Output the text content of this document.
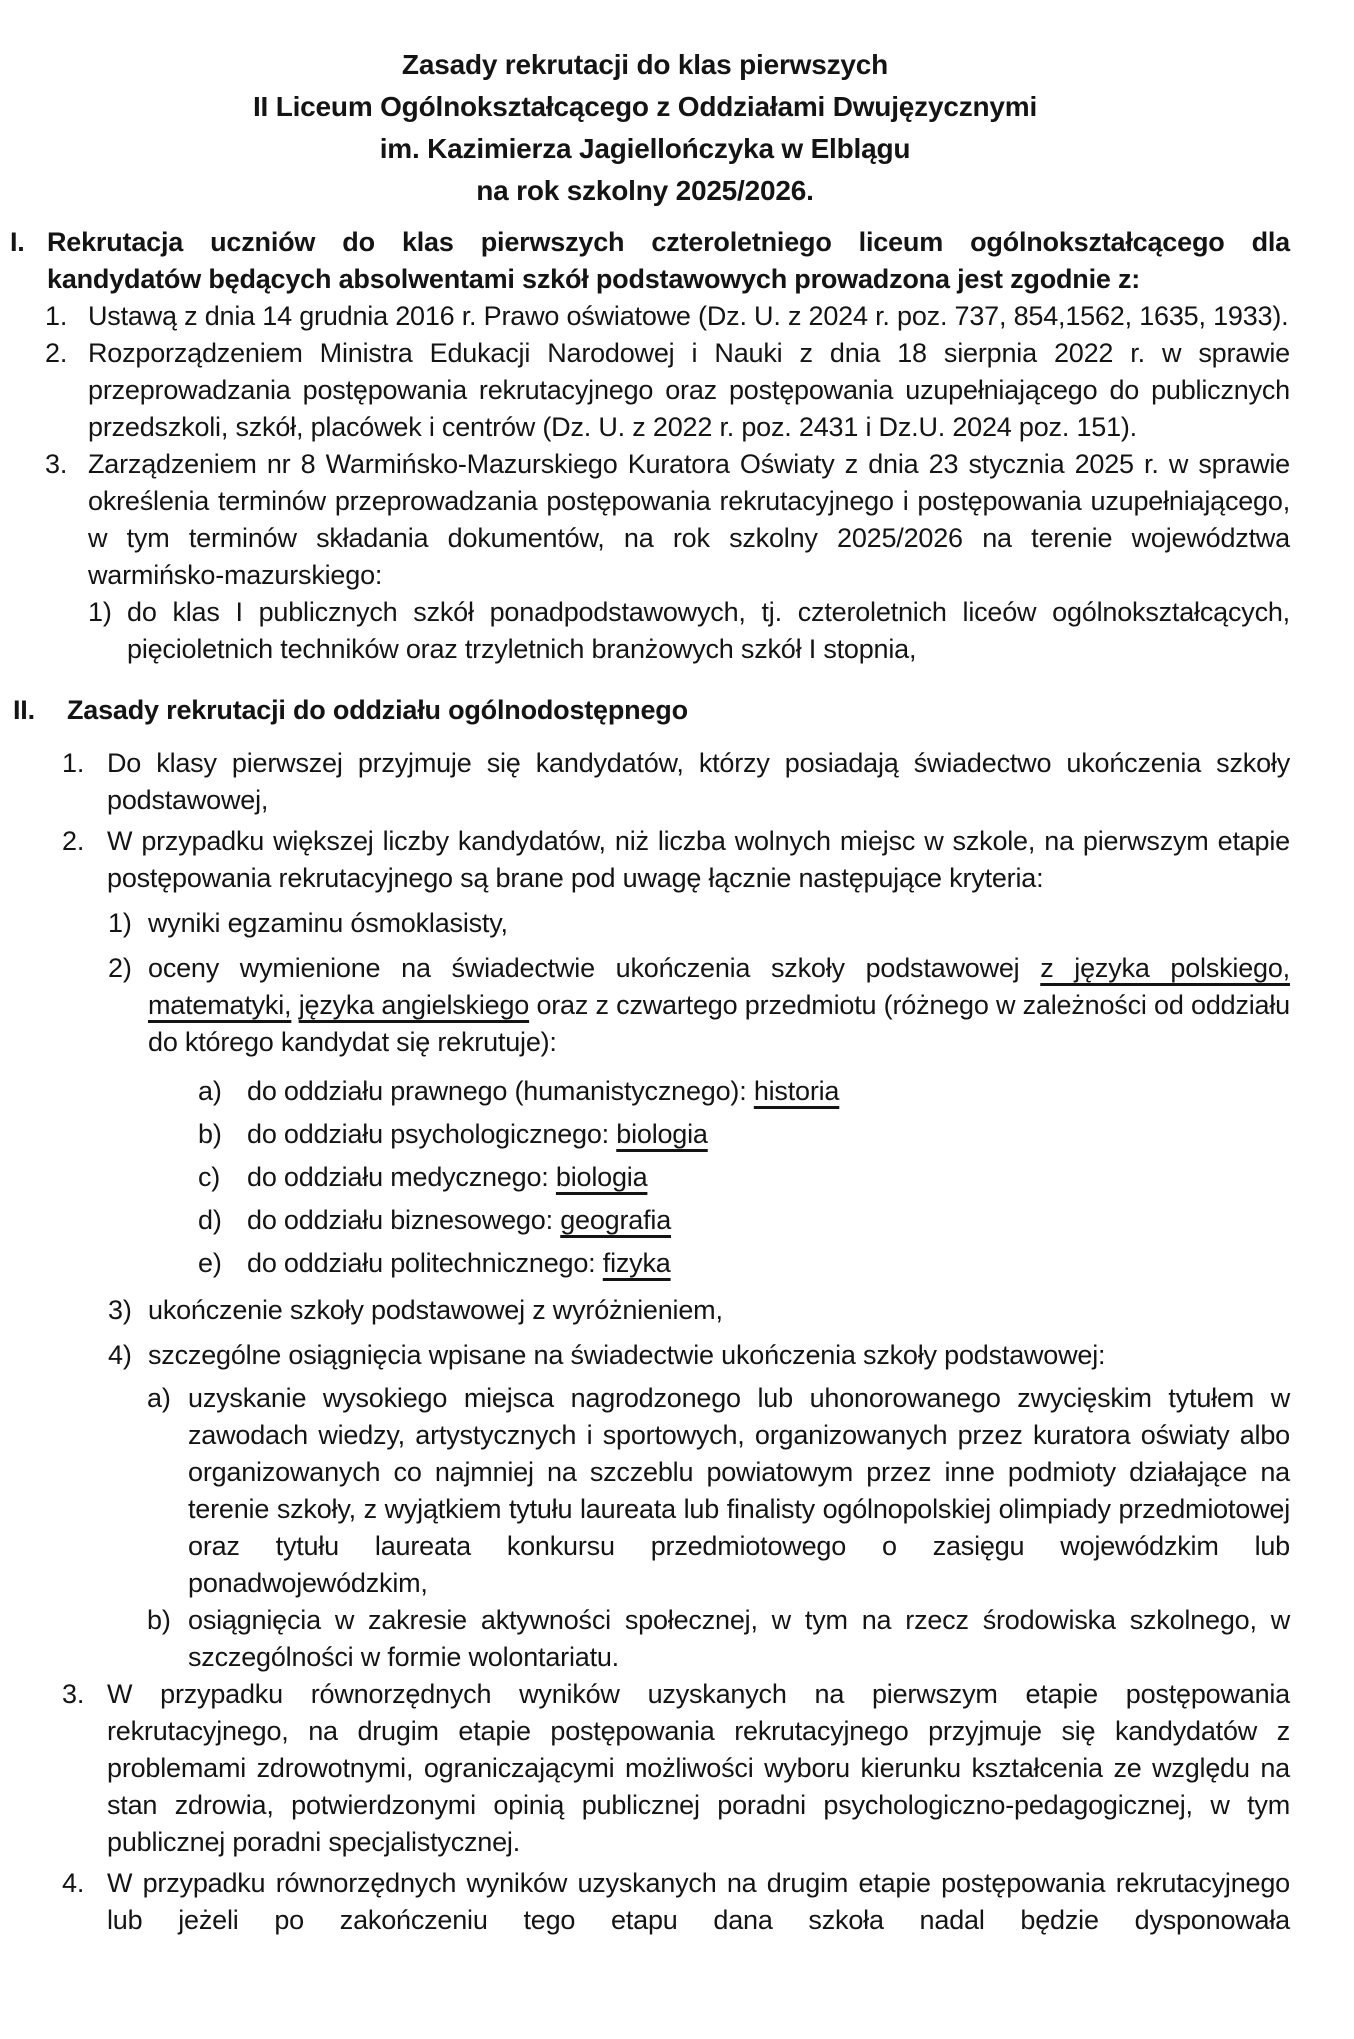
Zasady rekrutacji do klas pierwszych
II Liceum Ogólnokształcącego z Oddziałami Dwujęzycznymi
im. Kazimierza Jagiellończyka w Elblągu
na rok szkolny 2025/2026.
I. Rekrutacja uczniów do klas pierwszych czteroletniego liceum ogólnokształcącego dla kandydatów będących absolwentami szkół podstawowych prowadzona jest zgodnie z:
1. Ustawą z dnia 14 grudnia 2016 r. Prawo oświatowe (Dz. U. z 2024 r. poz. 737, 854,1562, 1635, 1933).
2. Rozporządzeniem Ministra Edukacji Narodowej i Nauki z dnia 18 sierpnia 2022 r. w sprawie przeprowadzania postępowania rekrutacyjnego oraz postępowania uzupełniającego do publicznych przedszkoli, szkół, placówek i centrów (Dz. U. z 2022 r. poz. 2431 i Dz.U. 2024 poz. 151).
3. Zarządzeniem nr 8 Warmińsko-Mazurskiego Kuratora Oświaty z dnia 23 stycznia 2025 r. w sprawie określenia terminów przeprowadzania postępowania rekrutacyjnego i postępowania uzupełniającego, w tym terminów składania dokumentów, na rok szkolny 2025/2026 na terenie województwa warmińsko-mazurskiego:
1) do klas I publicznych szkół ponadpodstawowych, tj. czteroletnich liceów ogólnokształcących, pięcioletnich techników oraz trzyletnich branżowych szkół I stopnia,
II. Zasady rekrutacji do oddziału ogólnodostępnego
1. Do klasy pierwszej przyjmuje się kandydatów, którzy posiadają świadectwo ukończenia szkoły podstawowej,
2. W przypadku większej liczby kandydatów, niż liczba wolnych miejsc w szkole, na pierwszym etapie postępowania rekrutacyjnego są brane pod uwagę łącznie następujące kryteria:
1) wyniki egzaminu ósmoklasisty,
2) oceny wymienione na świadectwie ukończenia szkoły podstawowej z języka polskiego, matematyki, języka angielskiego oraz z czwartego przedmiotu (różnego w zależności od oddziału do którego kandydat się rekrutuje):
a) do oddziału prawnego (humanistycznego): historia
b) do oddziału psychologicznego: biologia
c) do oddziału medycznego: biologia
d) do oddziału biznesowego: geografia
e) do oddziału politechnicznego: fizyka
3) ukończenie szkoły podstawowej z wyróżnieniem,
4) szczególne osiągnięcia wpisane na świadectwie ukończenia szkoły podstawowej:
a) uzyskanie wysokiego miejsca nagrodzonego lub uhonorowanego zwycięskim tytułem w zawodach wiedzy, artystycznych i sportowych, organizowanych przez kuratora oświaty albo organizowanych co najmniej na szczeblu powiatowym przez inne podmioty działające na terenie szkoły, z wyjątkiem tytułu laureata lub finalisty ogólnopolskiej olimpiady przedmiotowej oraz tytułu laureata konkursu przedmiotowego o zasięgu wojewódzkim lub ponadwojewódzkim,
b) osiągnięcia w zakresie aktywności społecznej, w tym na rzecz środowiska szkolnego, w szczególności w formie wolontariatu.
3. W przypadku równorzędnych wyników uzyskanych na pierwszym etapie postępowania rekrutacyjnego, na drugim etapie postępowania rekrutacyjnego przyjmuje się kandydatów z problemami zdrowotnymi, ograniczającymi możliwości wyboru kierunku kształcenia ze względu na stan zdrowia, potwierdzonymi opinią publicznej poradni psychologiczno-pedagogicznej, w tym publicznej poradni specjalistycznej.
4. W przypadku równorzędnych wyników uzyskanych na drugim etapie postępowania rekrutacyjnego lub jeżeli po zakończeniu tego etapu dana szkoła nadal będzie dysponowała
